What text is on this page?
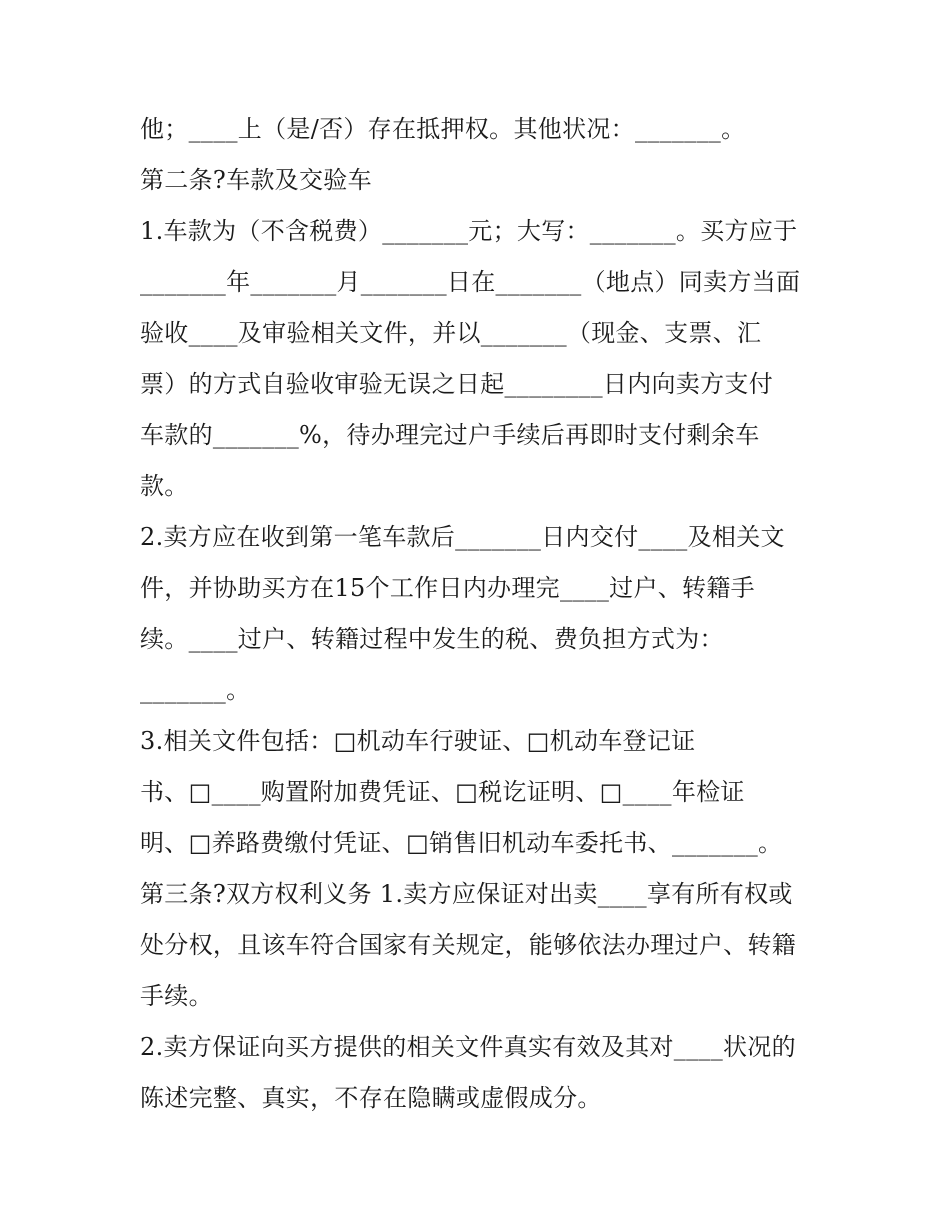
他；____上（是/否）存在抵押权。其他状况：_______。
第二条?车款及交验车
1.车款为（不含税费）_______元；大写：_______。买方应于
_______年_______月_______日在_______（地点）同卖方当面
验收____及审验相关文件，并以_______（现金、支票、汇
票）的方式自验收审验无误之日起________日内向卖方支付
车款的_______%，待办理完过户手续后再即时支付剩余车
款。
2.卖方应在收到第一笔车款后_______日内交付____及相关文
件，并协助买方在15个工作日内办理完____过户、转籍手
续。____过户、转籍过程中发生的税、费负担方式为：
_______。
3.相关文件包括：□机动车行驶证、□机动车登记证
书、□____购置附加费凭证、□税讫证明、□____年检证
明、□养路费缴付凭证、□销售旧机动车委托书、_______。
第三条?双方权利义务 1.卖方应保证对出卖____享有所有权或
处分权，且该车符合国家有关规定，能够依法办理过户、转籍
手续。
2.卖方保证向买方提供的相关文件真实有效及其对____状况的
陈述完整、真实，不存在隐瞒或虚假成分。
